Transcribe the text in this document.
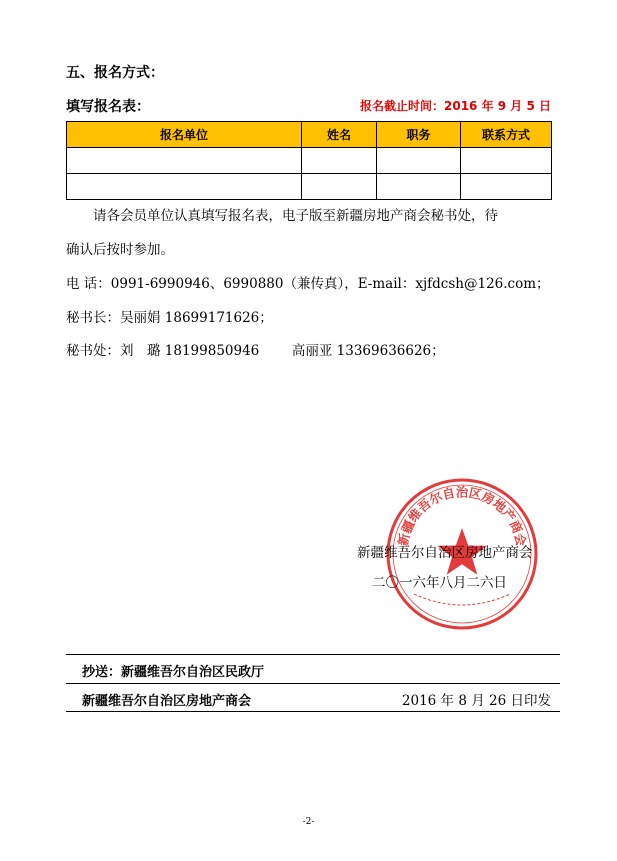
五、报名方式：
填写报名表：	报名截止时间：2016 年 9 月 5 日
报名单位	姓名	职务	联系方式

请各会员单位认真填写报名表，电子版至新疆房地产商会秘书处，待
确认后按时参加。
电 话：0991-6990946、6990880（兼传真），E-mail：xjfdcsh@126.com；
秘书长：吴丽娟 18699171626；
秘书处：刘　璐 18199850946 高丽亚 13369636626；
新疆维吾尔自治区房地产商会
新疆维吾尔自治区房地产商会
二〇一六年八月二六日
抄送：新疆维吾尔自治区民政厅
新疆维吾尔自治区房地产商会	2016 年 8 月 26 日印发
-2-
